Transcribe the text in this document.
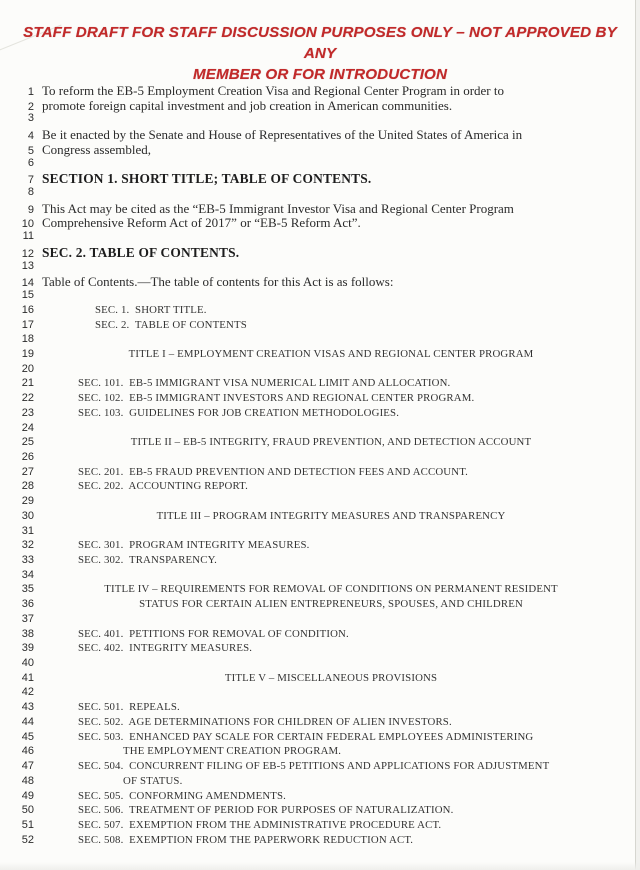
STAFF DRAFT FOR STAFF DISCUSSION PURPOSES ONLY – NOT APPROVED BY ANY
MEMBER OR FOR INTRODUCTION
1 To reform the EB-5 Employment Creation Visa and Regional Center Program in order to
2 promote foreign capital investment and job creation in American communities.
3
4 Be it enacted by the Senate and House of Representatives of the United States of America in
5 Congress assembled,
6
7 SECTION 1. SHORT TITLE; TABLE OF CONTENTS.
8
9 This Act may be cited as the “EB-5 Immigrant Investor Visa and Regional Center Program
10 Comprehensive Reform Act of 2017” or “EB-5 Reform Act”.
11
12 SEC. 2. TABLE OF CONTENTS.
13
14 Table of Contents.—The table of contents for this Act is as follows:
15
16	SEC. 1.  SHORT TITLE.
17	SEC. 2.  TABLE OF CONTENTS
18
19	TITLE I – EMPLOYMENT CREATION VISAS AND REGIONAL CENTER PROGRAM
20
21	SEC. 101.  EB-5 IMMIGRANT VISA NUMERICAL LIMIT AND ALLOCATION.
22	SEC. 102.  EB-5 IMMIGRANT INVESTORS AND REGIONAL CENTER PROGRAM.
23	SEC. 103.  GUIDELINES FOR JOB CREATION METHODOLOGIES.
24
25	TITLE II – EB-5 INTEGRITY, FRAUD PREVENTION, AND DETECTION ACCOUNT
26
27	SEC. 201.  EB-5 FRAUD PREVENTION AND DETECTION FEES AND ACCOUNT.
28	SEC. 202.  ACCOUNTING REPORT.
29
30	TITLE III – PROGRAM INTEGRITY MEASURES AND TRANSPARENCY
31
32	SEC. 301.  PROGRAM INTEGRITY MEASURES.
33	SEC. 302.  TRANSPARENCY.
34
35	TITLE IV – REQUIREMENTS FOR REMOVAL OF CONDITIONS ON PERMANENT RESIDENT
36	STATUS FOR CERTAIN ALIEN ENTREPRENEURS, SPOUSES, AND CHILDREN
37
38	SEC. 401.  PETITIONS FOR REMOVAL OF CONDITION.
39	SEC. 402.  INTEGRITY MEASURES.
40
41	TITLE V – MISCELLANEOUS PROVISIONS
42
43	SEC. 501.  REPEALS.
44	SEC. 502.  AGE DETERMINATIONS FOR CHILDREN OF ALIEN INVESTORS.
45	SEC. 503.  ENHANCED PAY SCALE FOR CERTAIN FEDERAL EMPLOYEES ADMINISTERING
46	THE EMPLOYMENT CREATION PROGRAM.
47	SEC. 504.  CONCURRENT FILING OF EB-5 PETITIONS AND APPLICATIONS FOR ADJUSTMENT
48	OF STATUS.
49	SEC. 505.  CONFORMING AMENDMENTS.
50	SEC. 506.  TREATMENT OF PERIOD FOR PURPOSES OF NATURALIZATION.
51	SEC. 507.  EXEMPTION FROM THE ADMINISTRATIVE PROCEDURE ACT.
52	SEC. 508.  EXEMPTION FROM THE PAPERWORK REDUCTION ACT.
